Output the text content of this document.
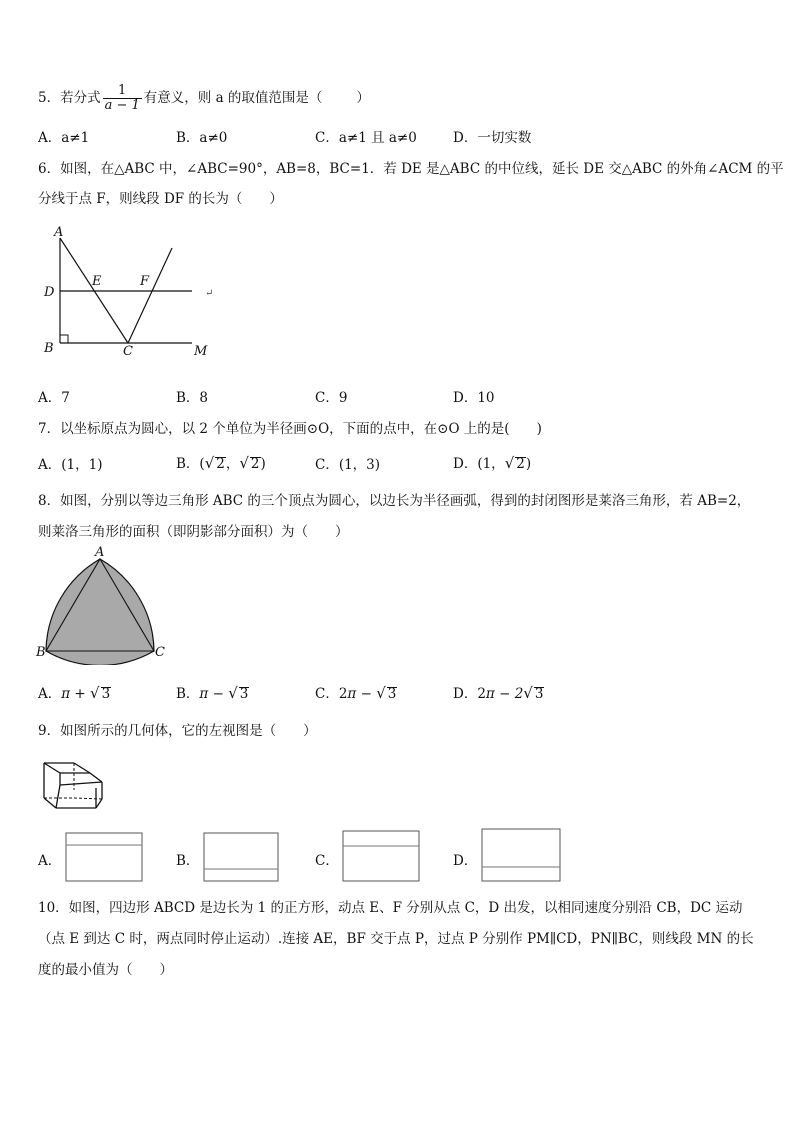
5．若分式 $\frac{1}{a - 1}$ 有意义，则 a 的取值范围是（	）
A．a≠1	B．a≠0	C．a≠1 且 a≠0	D．一切实数
6．如图，在△ABC 中，∠ABC=90°，AB=8，BC=1．若 DE 是△ABC 的中位线，延长 DE 交△ABC 的外角∠ACM 的平
分线于点 F，则线段 DF 的长为（　　）
A
D
E	F
B	C	M
↵
A．7	B．8	C．9	D．10
7．以坐标原点为圆心，以 2 个单位为半径画⊙O，下面的点中，在⊙O 上的是(　　)
A．(1，1)	B．(√ 2，√ 2)	C．(1，3)	D．(1，√ 2)
8．如图，分别以等边三角形 ABC 的三个顶点为圆心，以边长为半径画弧，得到的封闭图形是莱洛三角形，若 AB=2，
则莱洛三角形的面积（即阴影部分面积）为（　　）
A
B	C
A．π + √ 3	B．π − √ 3	C．2π − √ 3	D．2π − 2√ 3
9．如图所示的几何体，它的左视图是（　　）
A．	B．	C．	D．
10．如图，四边形 ABCD 是边长为 1 的正方形，动点 E、F 分别从点 C，D 出发，以相同速度分别沿 CB，DC 运动
（点 E 到达 C 时，两点同时停止运动）.连接 AE，BF 交于点 P，过点 P 分别作 PM∥CD，PN∥BC，则线段 MN 的长
度的最小值为（　　）
